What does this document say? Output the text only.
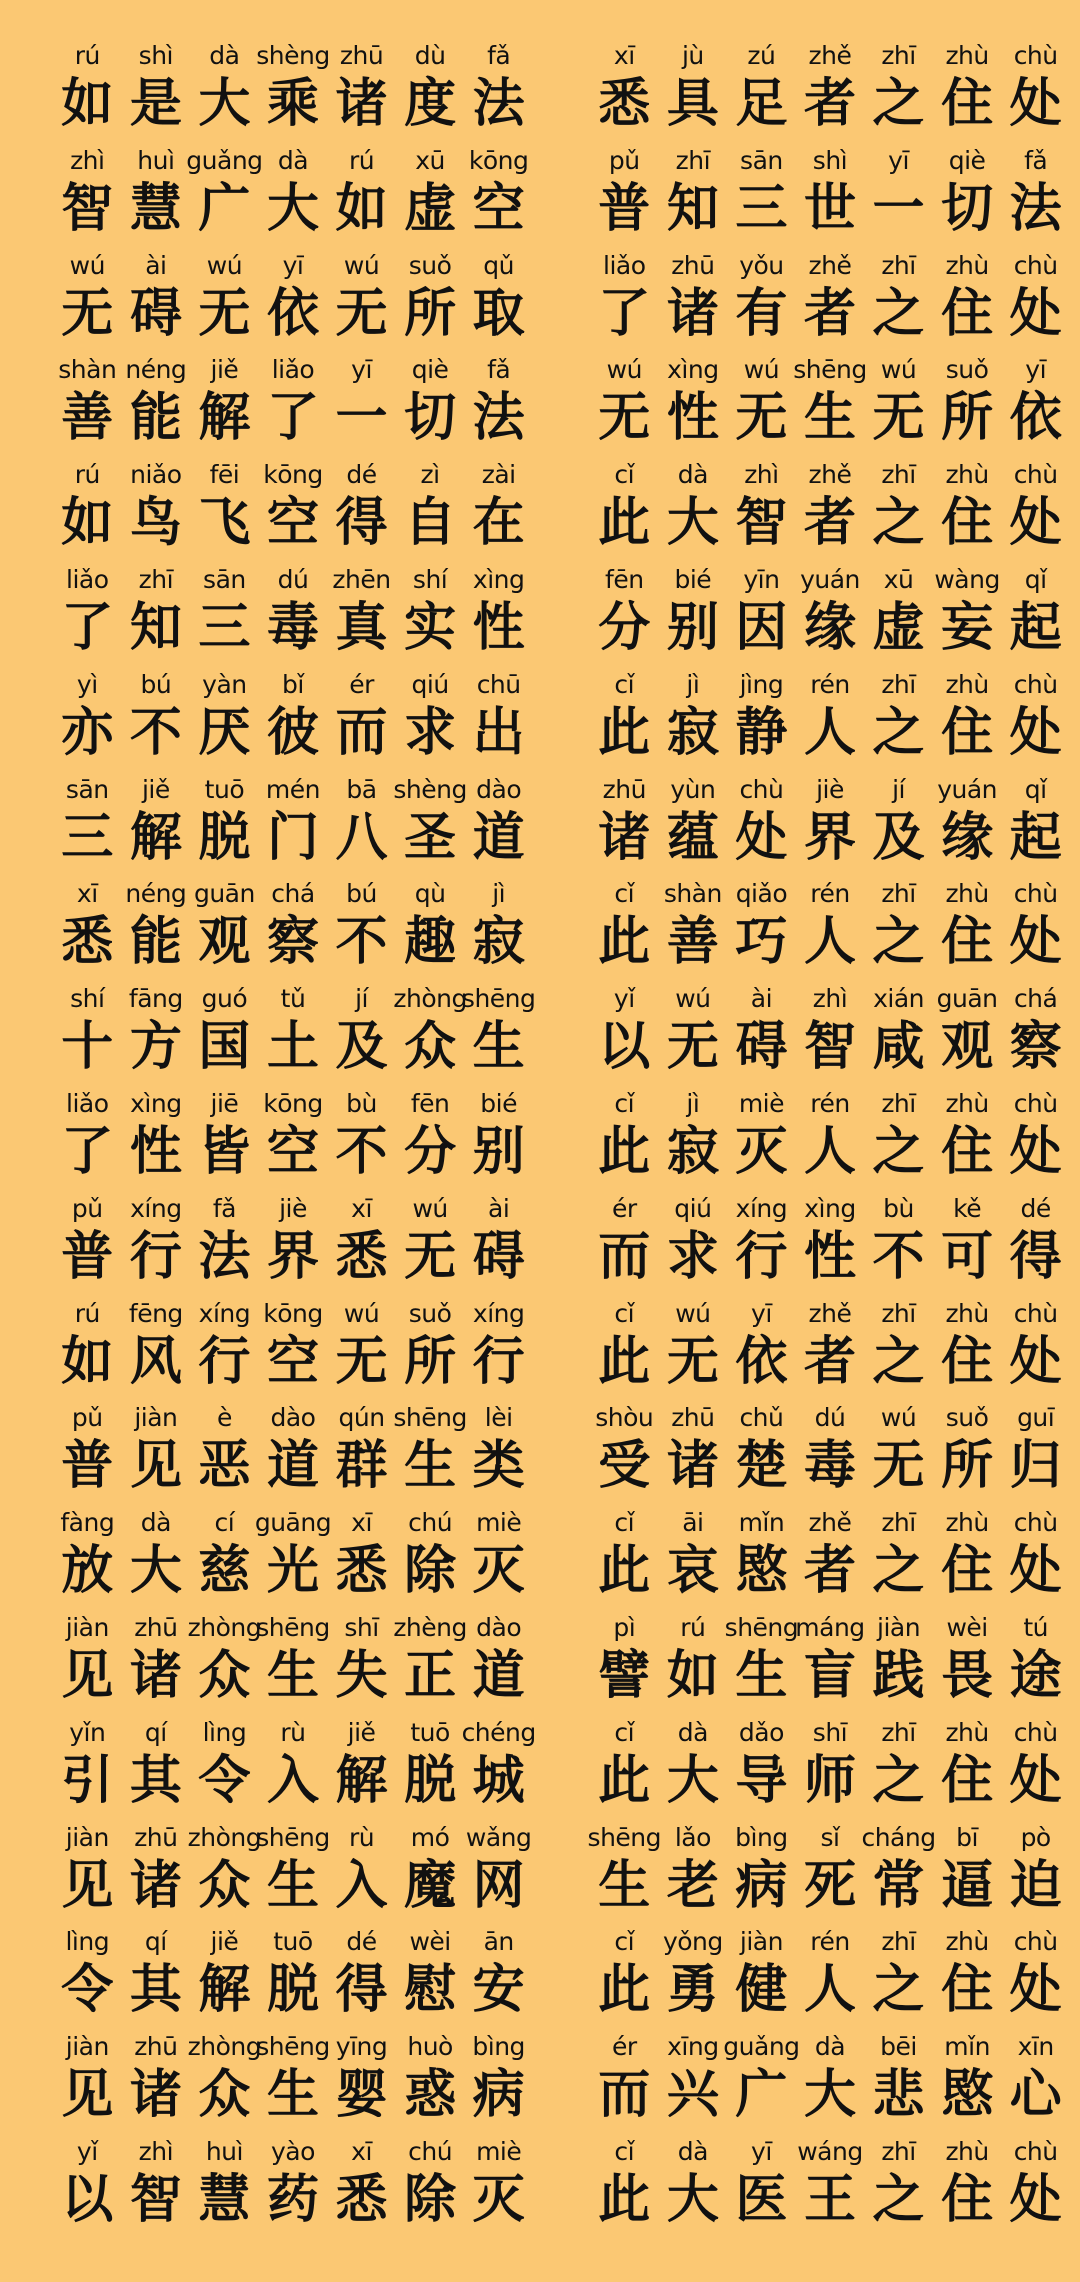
rú
如
shì
是
dà
大
shèng
乘
zhū
诸
dù
度
fǎ
法
xī
悉
jù
具
zú
足
zhě
者
zhī
之
zhù
住
chù
处
zhì
智
huì
慧
guǎng
广
dà
大
rú
如
xū
虚
kōng
空
pǔ
普
zhī
知
sān
三
shì
世
yī
一
qiè
切
fǎ
法
wú
无
ài
碍
wú
无
yī
依
wú
无
suǒ
所
qǔ
取
liǎo
了
zhū
诸
yǒu
有
zhě
者
zhī
之
zhù
住
chù
处
shàn
善
néng
能
jiě
解
liǎo
了
yī
一
qiè
切
fǎ
法
wú
无
xìng
性
wú
无
shēng
生
wú
无
suǒ
所
yī
依
rú
如
niǎo
鸟
fēi
飞
kōng
空
dé
得
zì
自
zài
在
cǐ
此
dà
大
zhì
智
zhě
者
zhī
之
zhù
住
chù
处
liǎo
了
zhī
知
sān
三
dú
毒
zhēn
真
shí
实
xìng
性
fēn
分
bié
别
yīn
因
yuán
缘
xū
虚
wàng
妄
qǐ
起
yì
亦
bú
不
yàn
厌
bǐ
彼
ér
而
qiú
求
chū
出
cǐ
此
jì
寂
jìng
静
rén
人
zhī
之
zhù
住
chù
处
sān
三
jiě
解
tuō
脱
mén
门
bā
八
shèng
圣
dào
道
zhū
诸
yùn
蕴
chù
处
jiè
界
jí
及
yuán
缘
qǐ
起
xī
悉
néng
能
guān
观
chá
察
bú
不
qù
趣
jì
寂
cǐ
此
shàn
善
qiǎo
巧
rén
人
zhī
之
zhù
住
chù
处
shí
十
fāng
方
guó
国
tǔ
土
jí
及
zhòng
众
shēng
生
yǐ
以
wú
无
ài
碍
zhì
智
xián
咸
guān
观
chá
察
liǎo
了
xìng
性
jiē
皆
kōng
空
bù
不
fēn
分
bié
别
cǐ
此
jì
寂
miè
灭
rén
人
zhī
之
zhù
住
chù
处
pǔ
普
xíng
行
fǎ
法
jiè
界
xī
悉
wú
无
ài
碍
ér
而
qiú
求
xíng
行
xìng
性
bù
不
kě
可
dé
得
rú
如
fēng
风
xíng
行
kōng
空
wú
无
suǒ
所
xíng
行
cǐ
此
wú
无
yī
依
zhě
者
zhī
之
zhù
住
chù
处
pǔ
普
jiàn
见
è
恶
dào
道
qún
群
shēng
生
lèi
类
shòu
受
zhū
诸
chǔ
楚
dú
毒
wú
无
suǒ
所
guī
归
fàng
放
dà
大
cí
慈
guāng
光
xī
悉
chú
除
miè
灭
cǐ
此
āi
哀
mǐn
愍
zhě
者
zhī
之
zhù
住
chù
处
jiàn
见
zhū
诸
zhòng
众
shēng
生
shī
失
zhèng
正
dào
道
pì
譬
rú
如
shēng
生
máng
盲
jiàn
践
wèi
畏
tú
途
yǐn
引
qí
其
lìng
令
rù
入
jiě
解
tuō
脱
chéng
城
cǐ
此
dà
大
dǎo
导
shī
师
zhī
之
zhù
住
chù
处
jiàn
见
zhū
诸
zhòng
众
shēng
生
rù
入
mó
魔
wǎng
网
shēng
生
lǎo
老
bìng
病
sǐ
死
cháng
常
bī
逼
pò
迫
lìng
令
qí
其
jiě
解
tuō
脱
dé
得
wèi
慰
ān
安
cǐ
此
yǒng
勇
jiàn
健
rén
人
zhī
之
zhù
住
chù
处
jiàn
见
zhū
诸
zhòng
众
shēng
生
yīng
婴
huò
惑
bìng
病
ér
而
xīng
兴
guǎng
广
dà
大
bēi
悲
mǐn
愍
xīn
心
yǐ
以
zhì
智
huì
慧
yào
药
xī
悉
chú
除
miè
灭
cǐ
此
dà
大
yī
医
wáng
王
zhī
之
zhù
住
chù
处
